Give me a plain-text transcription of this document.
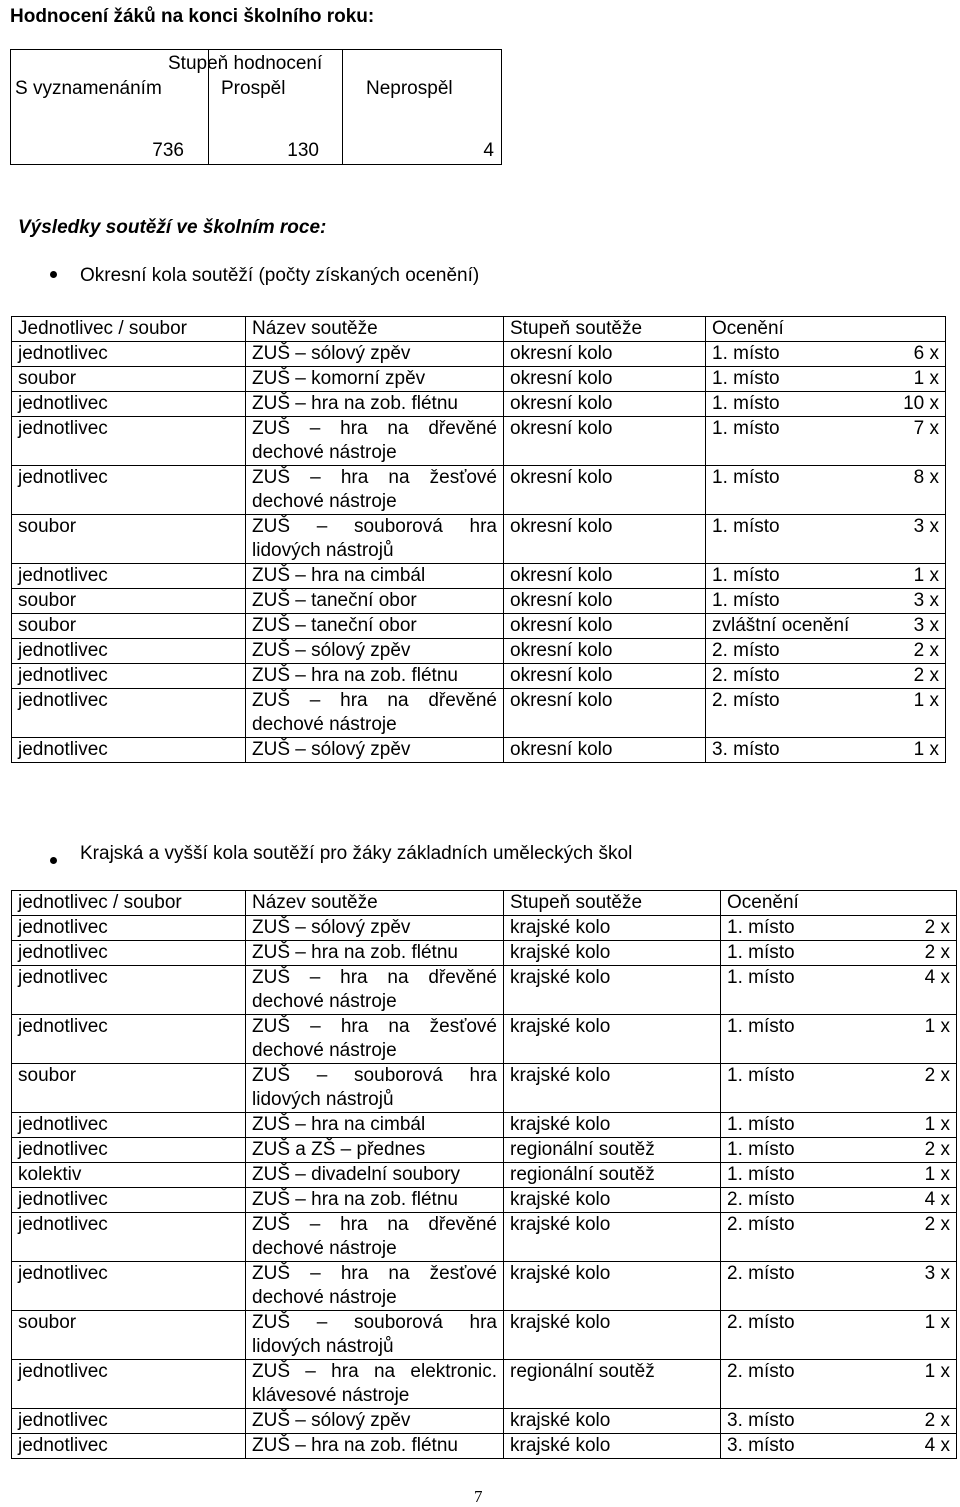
Hodnocení žáků na konci školního roku:
Stupeň hodnocení
S vyznamenáním	Prospěl	Neprospěl
736	130	4
Výsledky soutěží ve školním roce:
Okresní kola soutěží (počty získaných ocenění)
Jednotlivec / soubor	Název soutěže	Stupeň soutěže	Ocenění
jednotlivec	ZUŠ – sólový zpěv	okresní kolo	1. místo 6 x

soubor	ZUŠ – komorní zpěv	okresní kolo	1. místo 1 x

jednotlivec	ZUŠ – hra na zob. flétnu	okresní kolo	1. místo 10 x

jednotlivec	ZUŠ – hra na dřevěné dechové nástroje	okresní kolo	1. místo 7 x

jednotlivec	ZUŠ – hra na žesťové dechové nástroje	okresní kolo	1. místo 8 x

soubor	ZUŠ – souborová hra lidových nástrojů	okresní kolo	1. místo 3 x

jednotlivec	ZUŠ – hra na cimbál	okresní kolo	1. místo 1 x

soubor	ZUŠ – taneční obor	okresní kolo	1. místo 3 x

soubor	ZUŠ – taneční obor	okresní kolo	zvláštní ocenění 3 x

jednotlivec	ZUŠ – sólový zpěv	okresní kolo	2. místo 2 x

jednotlivec	ZUŠ – hra na zob. flétnu	okresní kolo	2. místo 2 x

jednotlivec	ZUŠ – hra na dřevěné dechové nástroje	okresní kolo	2. místo 1 x

jednotlivec	ZUŠ – sólový zpěv	okresní kolo	3. místo 1 x
Krajská a vyšší kola soutěží pro žáky základních uměleckých škol
jednotlivec / soubor	Název soutěže	Stupeň soutěže	Ocenění
jednotlivec	ZUŠ – sólový zpěv	krajské kolo	1. místo 2 x

jednotlivec	ZUŠ – hra na zob. flétnu	krajské kolo	1. místo 2 x

jednotlivec	ZUŠ – hra na dřevěné dechové nástroje	krajské kolo	1. místo 4 x

jednotlivec	ZUŠ – hra na žesťové dechové nástroje	krajské kolo	1. místo 1 x

soubor	ZUŠ – souborová hra lidových nástrojů	krajské kolo	1. místo 2 x

jednotlivec	ZUŠ – hra na cimbál	krajské kolo	1. místo 1 x

jednotlivec	ZUŠ a ZŠ – přednes	regionální soutěž	1. místo 2 x

kolektiv	ZUŠ – divadelní soubory	regionální soutěž	1. místo 1 x

jednotlivec	ZUŠ – hra na zob. flétnu	krajské kolo	2. místo 4 x

jednotlivec	ZUŠ – hra na dřevěné dechové nástroje	krajské kolo	2. místo 2 x

jednotlivec	ZUŠ – hra na žesťové dechové nástroje	krajské kolo	2. místo 3 x

soubor	ZUŠ – souborová hra lidových nástrojů	krajské kolo	2. místo 1 x

jednotlivec	ZUŠ – hra na elektronic. klávesové nástroje	regionální soutěž	2. místo 1 x

jednotlivec	ZUŠ – sólový zpěv	krajské kolo	3. místo 2 x

jednotlivec	ZUŠ – hra na zob. flétnu	krajské kolo	3. místo 4 x
7
